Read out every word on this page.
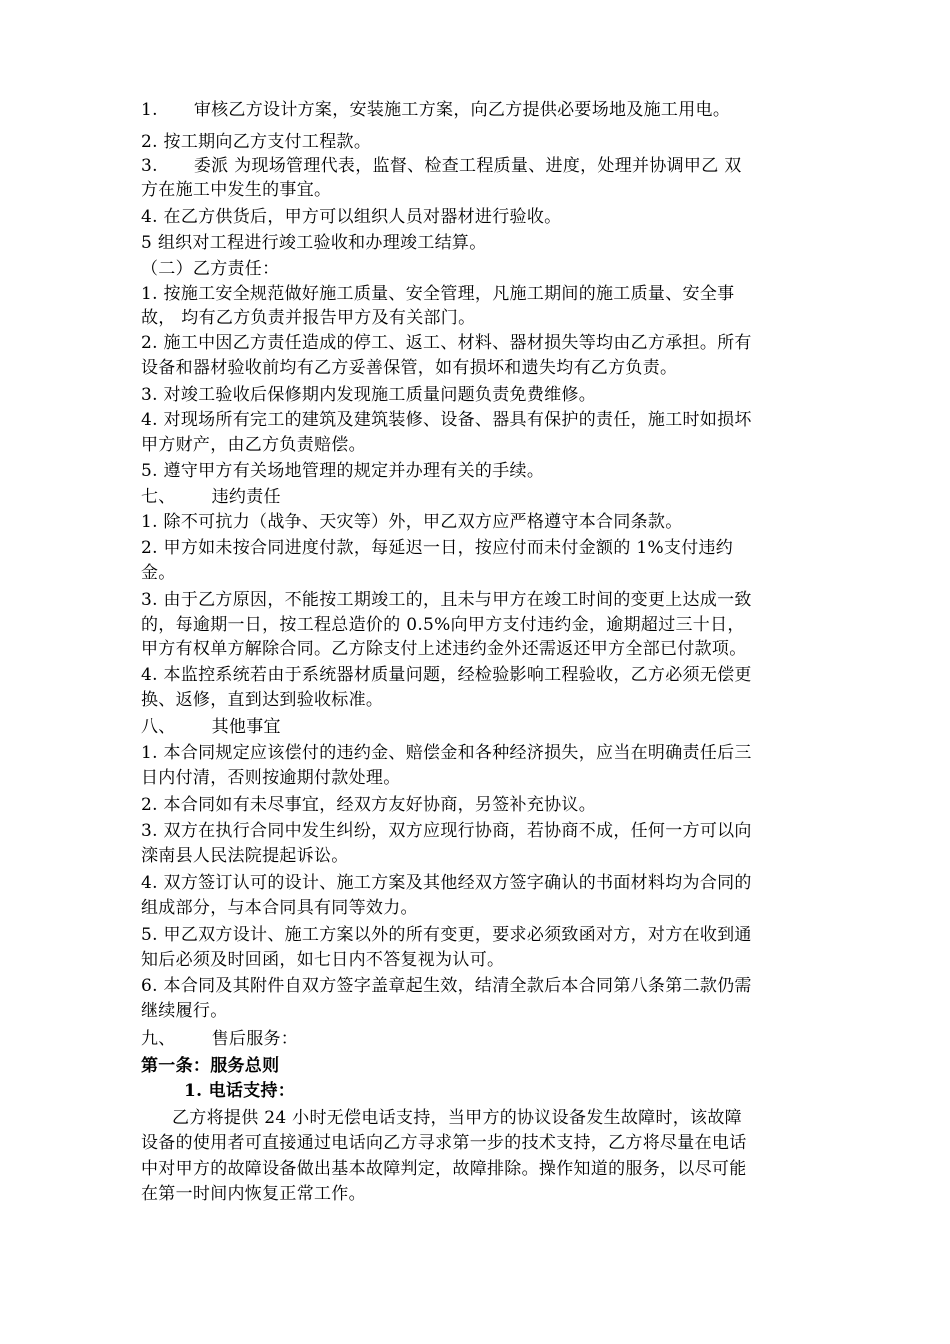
1. 审核乙方设计方案，安装施工方案，向乙方提供必要场地及施工用电。

2. 按工期向乙方支付工程款。

3. 委派 为现场管理代表，监督、检查工程质量、进度，处理并协调甲乙 双

方在施工中发生的事宜。

4. 在乙方供货后，甲方可以组织人员对器材进行验收。

5 组织对工程进行竣工验收和办理竣工结算。

（二）乙方责任：

1. 按施工安全规范做好施工质量、安全管理，凡施工期间的施工质量、安全事

故， 均有乙方负责并报告甲方及有关部门。

2. 施工中因乙方责任造成的停工、返工、材料、器材损失等均由乙方承担。所有

设备和器材验收前均有乙方妥善保管，如有损坏和遗失均有乙方负责。

3. 对竣工验收后保修期内发现施工质量问题负责免费维修。

4. 对现场所有完工的建筑及建筑装修、设备、器具有保护的责任，施工时如损坏

甲方财产，由乙方负责赔偿。

5. 遵守甲方有关场地管理的规定并办理有关的手续。

七、 违约责任

1. 除不可抗力（战争、天灾等）外，甲乙双方应严格遵守本合同条款。

2. 甲方如未按合同进度付款，每延迟一日，按应付而未付金额的 1%支付违约

金。

3. 由于乙方原因，不能按工期竣工的，且未与甲方在竣工时间的变更上达成一致

的，每逾期一日，按工程总造价的 0.5%向甲方支付违约金，逾期超过三十日，

甲方有权单方解除合同。乙方除支付上述违约金外还需返还甲方全部已付款项。

4. 本监控系统若由于系统器材质量问题，经检验影响工程验收，乙方必须无偿更

换、返修，直到达到验收标准。

八、 其他事宜

1. 本合同规定应该偿付的违约金、赔偿金和各种经济损失，应当在明确责任后三

日内付清，否则按逾期付款处理。

2. 本合同如有未尽事宜，经双方友好协商，另签补充协议。

3. 双方在执行合同中发生纠纷，双方应现行协商，若协商不成，任何一方可以向

滦南县人民法院提起诉讼。

4. 双方签订认可的设计、施工方案及其他经双方签字确认的书面材料均为合同的

组成部分，与本合同具有同等效力。

5. 甲乙双方设计、施工方案以外的所有变更，要求必须致函对方，对方在收到通

知后必须及时回函，如七日内不答复视为认可。

6. 本合同及其附件自双方签字盖章起生效，结清全款后本合同第八条第二款仍需

继续履行。

九、 售后服务：

第一条：服务总则

1. 电话支持：

乙方将提供 24 小时无偿电话支持，当甲方的协议设备发生故障时，该故障

设备的使用者可直接通过电话向乙方寻求第一步的技术支持，乙方将尽量在电话

中对甲方的故障设备做出基本故障判定，故障排除。操作知道的服务，以尽可能

在第一时间内恢复正常工作。
